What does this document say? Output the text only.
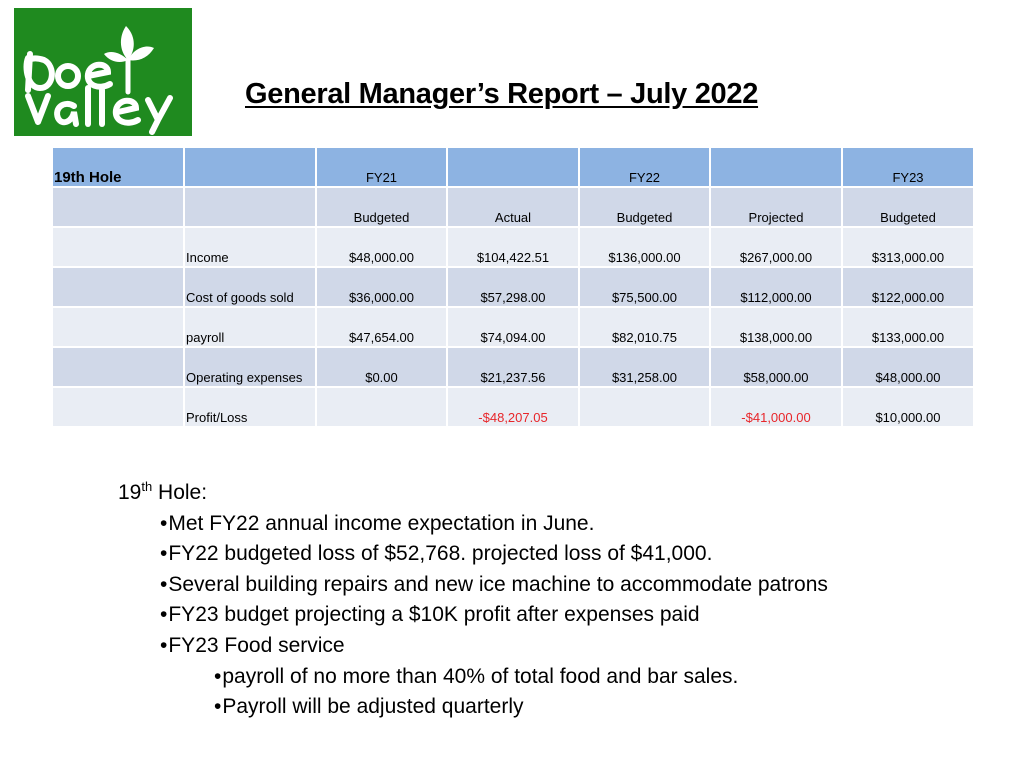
General Manager’s Report – July 2022
19th Hole		FY21		FY22		FY23

		Budgeted	Actual	Budgeted	Projected	Budgeted

	Income	$48,000.00	$104,422.51	$136,000.00	$267,000.00	$313,000.00

	Cost of goods sold	$36,000.00	$57,298.00	$75,500.00	$112,000.00	$122,000.00

	payroll	$47,654.00	$74,094.00	$82,010.75	$138,000.00	$133,000.00

	Operating expenses	$0.00	$21,237.56	$31,258.00	$58,000.00	$48,000.00

	Profit/Loss		-$48,207.05		-$41,000.00	$10,000.00
19th Hole:
•Met FY22 annual income expectation in June.
•FY22 budgeted loss of $52,768. projected loss of $41,000.
•Several building repairs and new ice machine to accommodate patrons
•FY23 budget projecting a $10K profit after expenses paid
•FY23 Food service
•payroll of no more than 40% of total food and bar sales.
•Payroll will be adjusted quarterly
